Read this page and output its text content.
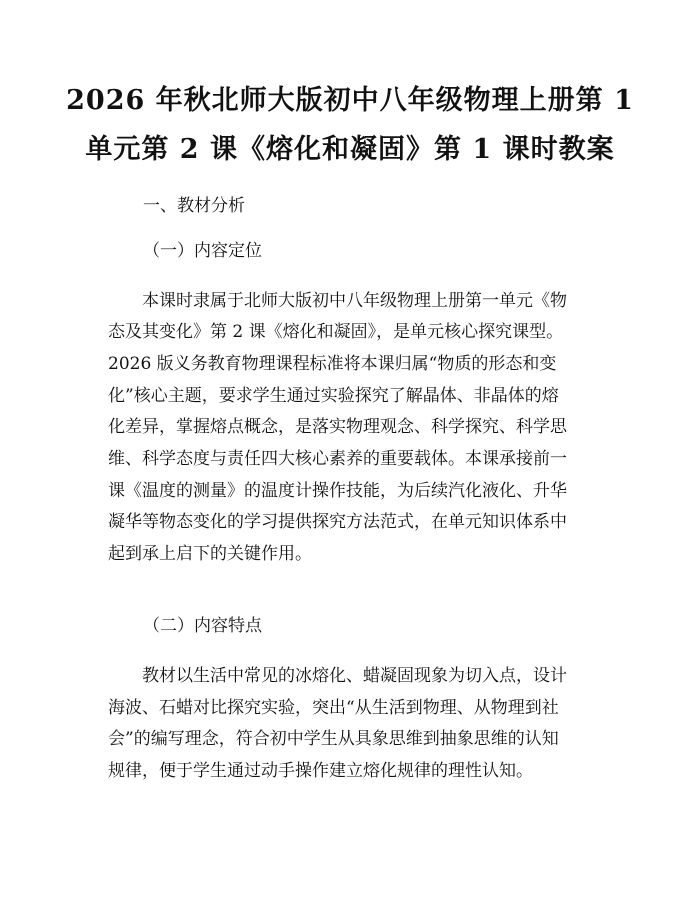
2026 年秋北师大版初中八年级物理上册第 1
单元第 2 课《熔化和凝固》第 1 课时教案
一、教材分析
（一）内容定位
　　本课时隶属于北师大版初中八年级物理上册第一单元《物
态及其变化》第 2 课《熔化和凝固》，是单元核心探究课型。
2026 版义务教育物理课程标准将本课归属“物质的形态和变
化”核心主题，要求学生通过实验探究了解晶体、非晶体的熔
化差异，掌握熔点概念，是落实物理观念、科学探究、科学思
维、科学态度与责任四大核心素养的重要载体。本课承接前一
课《温度的测量》的温度计操作技能，为后续汽化液化、升华
凝华等物态变化的学习提供探究方法范式，在单元知识体系中
起到承上启下的关键作用。
（二）内容特点
　　教材以生活中常见的冰熔化、蜡凝固现象为切入点，设计
海波、石蜡对比探究实验，突出“从生活到物理、从物理到社
会”的编写理念，符合初中学生从具象思维到抽象思维的认知
规律，便于学生通过动手操作建立熔化规律的理性认知。
